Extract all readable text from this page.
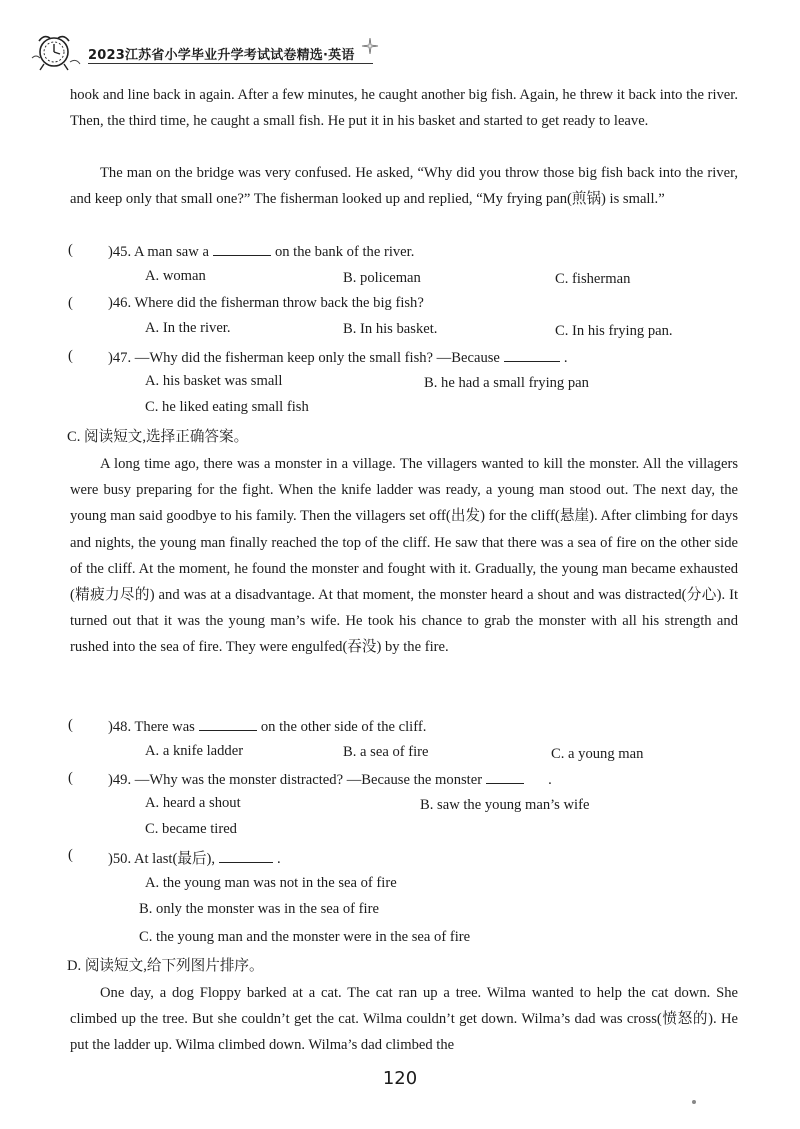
2023江苏省小学毕业升学考试试卷精选·英语
hook and line back in again. After a few minutes, he caught another big fish. Again, he threw it back into the river. Then, the third time, he caught a small fish. He put it in his basket and started to get ready to leave.
The man on the bridge was very confused. He asked, “Why did you throw those big fish back into the river, and keep only that small one?” The fisherman looked up and replied, “My frying pan(煎锅) is small.”
( )45. A man saw a	on the bank of the river.
A. woman	B. policeman	C. fisherman
( )46. Where did the fisherman throw back the big fish?
A. In the river.	B. In his basket.	C. In his frying pan.
( )47. —Why did the fisherman keep only the small fish? —Because	.
A. his basket was small	B. he had a small frying pan
C. he liked eating small fish
C. 阅读短文,选择正确答案。
A long time ago, there was a monster in a village. The villagers wanted to kill the monster. All the villagers were busy preparing for the fight. When the knife ladder was ready, a young man stood out. The next day, the young man said goodbye to his family. Then the villagers set off(出发) for the cliff(悬崖). After climbing for days and nights, the young man finally reached the top of the cliff. He saw that there was a sea of fire on the other side of the cliff. At the moment, he found the monster and fought with it. Gradually, the young man became exhausted (精疲力尽的) and was at a disadvantage. At that moment, the monster heard a shout and was distracted(分心). It turned out that it was the young man’s wife. He took his chance to grab the monster with all his strength and rushed into the sea of fire. They were engulfed(吞没) by the fire.
( )48. There was	on the other side of the cliff.
A. a knife ladder	B. a sea of fire	C. a young man
( )49. —Why was the monster distracted? —Because the monster	.
A. heard a shout	B. saw the young man’s wife
C. became tired
( )50. At last(最后),	.
A. the young man was not in the sea of fire
B. only the monster was in the sea of fire
C. the young man and the monster were in the sea of fire
D. 阅读短文,给下列图片排序。
One day, a dog Floppy barked at a cat. The cat ran up a tree. Wilma wanted to help the cat down. She climbed up the tree. But she couldn’t get the cat. Wilma couldn’t get down. Wilma’s dad was cross(愤怒的). He put the ladder up. Wilma climbed down. Wilma’s dad climbed the
120
